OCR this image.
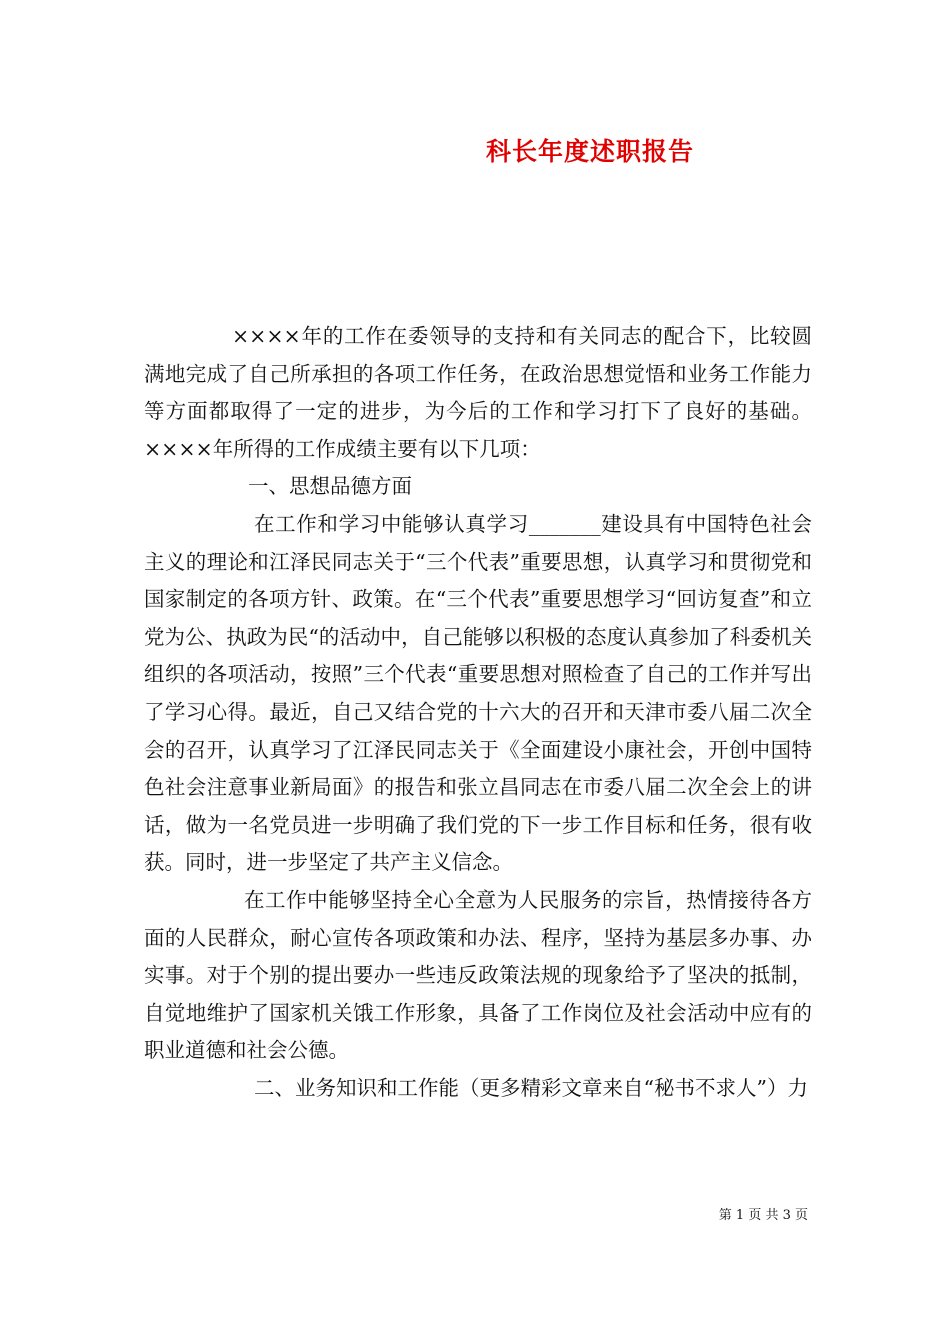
科长年度述职报告

××××年的工作在委领导的支持和有关同志的配合下，比较圆满地完成了自己所承担的各项工作任务，在政治思想觉悟和业务工作能力等方面都取得了一定的进步，为今后的工作和学习打下了良好的基础。××××年所得的工作成绩主要有以下几项：

一、思想品德方面

在工作和学习中能够认真学习_______建设具有中国特色社会主义的理论和江泽民同志关于“三个代表”重要思想，认真学习和贯彻党和国家制定的各项方针、政策。在“三个代表”重要思想学习“回访复查”和立党为公、执政为民“的活动中，自己能够以积极的态度认真参加了科委机关组织的各项活动，按照”三个代表“重要思想对照检查了自己的工作并写出了学习心得。最近，自己又结合党的十六大的召开和天津市委八届二次全会的召开，认真学习了江泽民同志关于《全面建设小康社会，开创中国特色社会注意事业新局面》的报告和张立昌同志在市委八届二次全会上的讲话，做为一名党员进一步明确了我们党的下一步工作目标和任务，很有收获。同时，进一步坚定了共产主义信念。

在工作中能够坚持全心全意为人民服务的宗旨，热情接待各方面的人民群众，耐心宣传各项政策和办法、程序，坚持为基层多办事、办实事。对于个别的提出要办一些违反政策法规的现象给予了坚决的抵制，自觉地维护了国家机关饿工作形象，具备了工作岗位及社会活动中应有的职业道德和社会公德。

二、业务知识和工作能（更多精彩文章来自“秘书不求人”）力

第 1 页 共 3 页
